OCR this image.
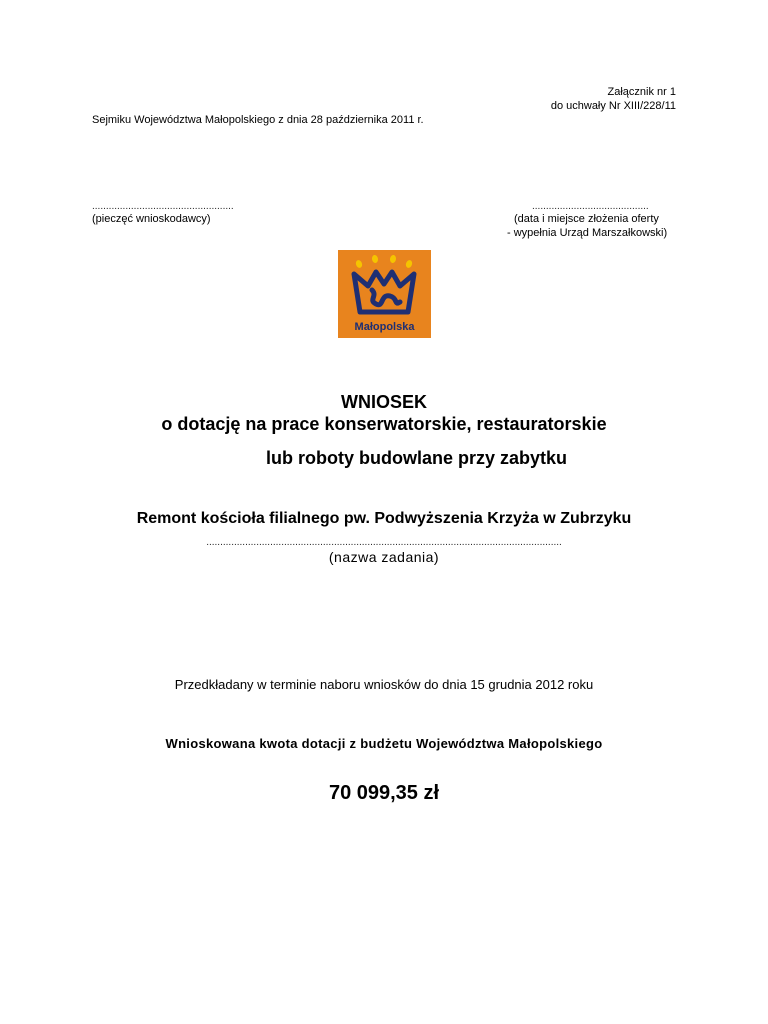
Załącznik nr 1
do uchwały Nr XIII/228/11
Sejmiku Województwa Małopolskiego z dnia 28 października 2011 r.
...................................................
(pieczęć wnioskodawcy)
..........................................
(data i miejsce złożenia oferty
- wypełnia Urząd Marszałkowski)
Małopolska
WNIOSEK
o dotację na prace konserwatorskie, restauratorskie
lub roboty budowlane przy zabytku
Remont kościoła filialnego pw. Podwyższenia Krzyża w Zubrzyku
................................................................................................................................
(nazwa zadania)
Przedkładany w terminie naboru wniosków do dnia 15 grudnia 2012 roku
Wnioskowana kwota dotacji z budżetu Województwa Małopolskiego
70 099,35 zł
